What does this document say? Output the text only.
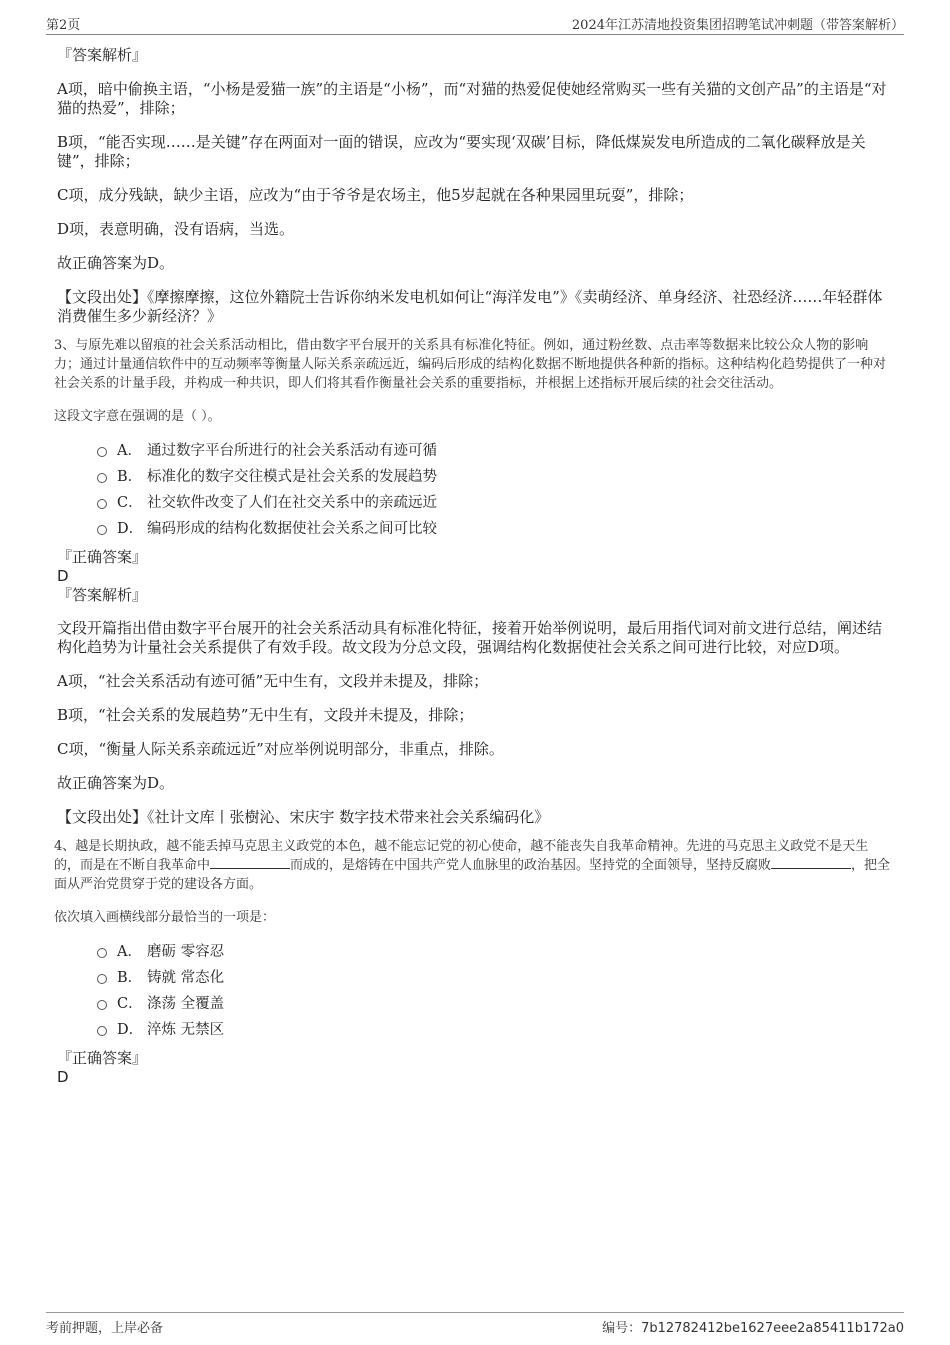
第2页	2024年江苏清地投资集团招聘笔试冲刺题（带答案解析）

『答案解析』

A项，暗中偷换主语，“小杨是爱猫一族”的主语是“小杨”，而“对猫的热爱促使她经常购买一些有关猫的文创产品”的主语是“对猫的热爱”，排除；

B项，“能否实现……是关键”存在两面对一面的错误，应改为“要实现‘双碳’目标，降低煤炭发电所造成的二氧化碳释放是关键”，排除；

C项，成分残缺，缺少主语，应改为“由于爷爷是农场主，他5岁起就在各种果园里玩耍”，排除；

D项，表意明确，没有语病，当选。

故正确答案为D。

【文段出处】《摩擦摩擦，这位外籍院士告诉你纳米发电机如何让“海洋发电”》《卖萌经济、单身经济、社恐经济……年轻群体消费催生多少新经济？》

3、与原先难以留痕的社会关系活动相比，借由数字平台展开的关系具有标准化特征。例如，通过粉丝数、点击率等数据来比较公众人物的影响力；通过计量通信软件中的互动频率等衡量人际关系亲疏远近，编码后形成的结构化数据不断地提供各种新的指标。这种结构化趋势提供了一种对社会关系的计量手段，并构成一种共识，即人们将其看作衡量社会关系的重要指标，并根据上述指标开展后续的社会交往活动。

这段文字意在强调的是（ ）。

A． 通过数字平台所进行的社会关系活动有迹可循
B． 标准化的数字交往模式是社会关系的发展趋势
C． 社交软件改变了人们在社交关系中的亲疏远近
D． 编码形成的结构化数据使社会关系之间可比较

『正确答案』

D

『答案解析』

文段开篇指出借由数字平台展开的社会关系活动具有标准化特征，接着开始举例说明，最后用指代词对前文进行总结，阐述结构化趋势为计量社会关系提供了有效手段。故文段为分总文段，强调结构化数据使社会关系之间可进行比较，对应D项。

A项，“社会关系活动有迹可循”无中生有，文段并未提及，排除；

B项，“社会关系的发展趋势”无中生有，文段并未提及，排除；

C项，“衡量人际关系亲疏远近”对应举例说明部分，非重点，排除。

故正确答案为D。

【文段出处】《社计文库丨张樹沁、宋庆宇 数字技术带来社会关系编码化》

4、越是长期执政，越不能丢掉马克思主义政党的本色，越不能忘记党的初心使命，越不能丧失自我革命精神。先进的马克思主义政党不是天生的，而是在不断自我革命中	而成的，是熔铸在中国共产党人血脉里的政治基因。坚持党的全面领导，坚持反腐败	，把全面从严治党贯穿于党的建设各方面。

依次填入画横线部分最恰当的一项是：

A． 磨砺 零容忍
B． 铸就 常态化
C． 涤荡 全覆盖
D． 淬炼 无禁区

『正确答案』

D

考前押题，上岸必备	编号：7b12782412be1627eee2a85411b172a0
